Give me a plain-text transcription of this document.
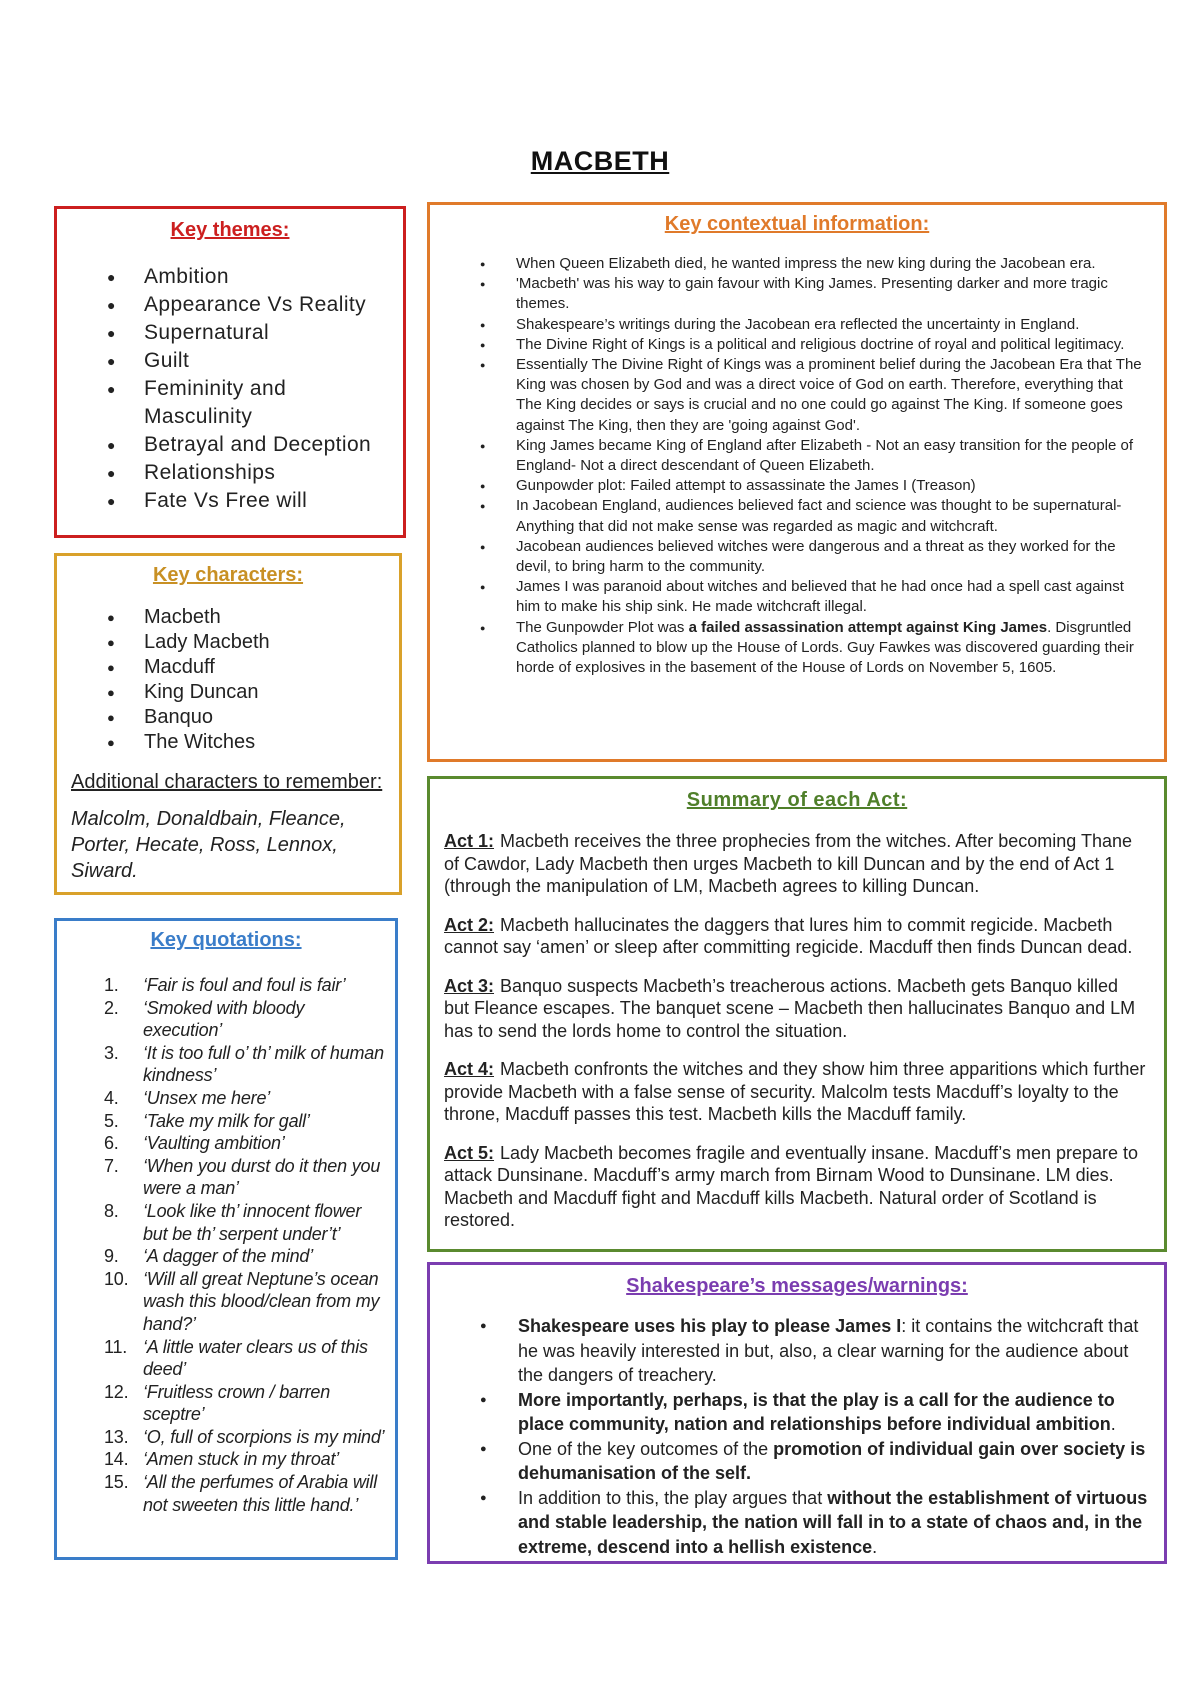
MACBETH

Key themes:

● Ambition
● Appearance Vs Reality
● Supernatural
● Guilt
● Femininity and Masculinity
● Betrayal and Deception
● Relationships
● Fate Vs Free will

Key characters:

● Macbeth
● Lady Macbeth
● Macduff
● King Duncan
● Banquo
● The Witches
Additional characters to remember:
Malcolm, Donaldbain, Fleance, Porter, Hecate, Ross, Lennox, Siward.

Key quotations:

1. ‘Fair is foul and foul is fair’
2. ‘Smoked with bloody execution’
3. ‘It is too full o’ th’ milk of human kindness’
4. ‘Unsex me here’
5. ‘Take my milk for gall’
6. ‘Vaulting ambition’
7. ‘When you durst do it then you were a man’
8. ‘Look like th’ innocent flower but be th’ serpent under’t’
9. ‘A dagger of the mind’
10. ‘Will all great Neptune’s ocean wash this blood/clean from my hand?’
11. ‘A little water clears us of this deed’
12. ‘Fruitless crown / barren sceptre’
13. ‘O, full of scorpions is my mind’
14. ‘Amen stuck in my throat’
15. ‘All the perfumes of Arabia will not sweeten this little hand.’

Key contextual information:

● When Queen Elizabeth died, he wanted impress the new king during the Jacobean era.
● 'Macbeth' was his way to gain favour with King James. Presenting darker and more tragic themes.
● Shakespeare’s writings during the Jacobean era reflected the uncertainty in England.
● The Divine Right of Kings is a political and religious doctrine of royal and political legitimacy.
● Essentially The Divine Right of Kings was a prominent belief during the Jacobean Era that The King was chosen by God and was a direct voice of God on earth. Therefore, everything that The King decides or says is crucial and no one could go against The King. If someone goes against The King, then they are 'going against God'.
● King James became King of England after Elizabeth - Not an easy transition for the people of England- Not a direct descendant of Queen Elizabeth.
● Gunpowder plot: Failed attempt to assassinate the James I (Treason)
● In Jacobean England, audiences believed fact and science was thought to be supernatural- Anything that did not make sense was regarded as magic and witchcraft.
● Jacobean audiences believed witches were dangerous and a threat as they worked for the devil, to bring harm to the community.
● James I was paranoid about witches and believed that he had once had a spell cast against him to make his ship sink. He made witchcraft illegal.
● The Gunpowder Plot was a failed assassination attempt against King James. Disgruntled Catholics planned to blow up the House of Lords. Guy Fawkes was discovered guarding their horde of explosives in the basement of the House of Lords on November 5, 1605.

Summary of each Act:

Act 1: Macbeth receives the three prophecies from the witches. After becoming Thane of Cawdor, Lady Macbeth then urges Macbeth to kill Duncan and by the end of Act 1 (through the manipulation of LM, Macbeth agrees to killing Duncan.
Act 2: Macbeth hallucinates the daggers that lures him to commit regicide. Macbeth cannot say ‘amen’ or sleep after committing regicide. Macduff then finds Duncan dead.
Act 3: Banquo suspects Macbeth’s treacherous actions. Macbeth gets Banquo killed but Fleance escapes. The banquet scene – Macbeth then hallucinates Banquo and LM has to send the lords home to control the situation.
Act 4: Macbeth confronts the witches and they show him three apparitions which further provide Macbeth with a false sense of security. Malcolm tests Macduff’s loyalty to the throne, Macduff passes this test. Macbeth kills the Macduff family.
Act 5: Lady Macbeth becomes fragile and eventually insane. Macduff’s men prepare to attack Dunsinane. Macduff’s army march from Birnam Wood to Dunsinane. LM dies. Macbeth and Macduff fight and Macduff kills Macbeth. Natural order of Scotland is restored.

Shakespeare’s messages/warnings:

● Shakespeare uses his play to please James I: it contains the witchcraft that he was heavily interested in but, also, a clear warning for the audience about the dangers of treachery.
● More importantly, perhaps, is that the play is a call for the audience to place community, nation and relationships before individual ambition.
● One of the key outcomes of the promotion of individual gain over society is dehumanisation of the self.
● In addition to this, the play argues that without the establishment of virtuous and stable leadership, the nation will fall in to a state of chaos and, in the extreme, descend into a hellish existence.
